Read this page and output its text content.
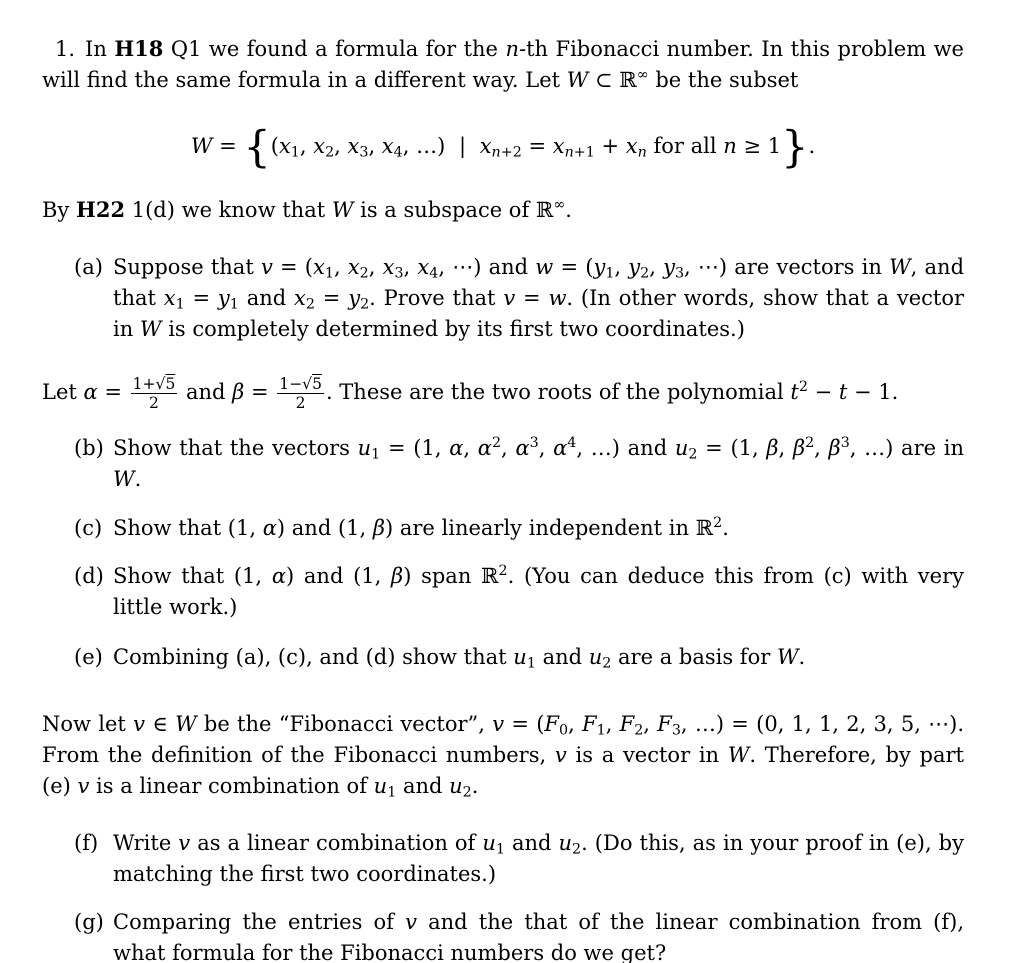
1. In H18 Q1 we found a formula for the n-th Fibonacci number. In this problem we will find the same formula in a different way. Let W ⊂ ℝ∞ be the subset

$W = \{(x_1$, $x_2$, $x_3$, $x_4$, …) | $x_{n+2} = x_{n+1} + x_n$ for all n ≥ 1}.

By H22 1(d) we know that W is a subspace of ℝ∞.

(a) Suppose that $v = (x_1$, $x_2$, $x_3$, $x_4$, ⋯) and $w = (y_1$, $y_2$, $y_3$, ⋯) are vectors in W, and that $x_1 = y_1$ and $x_2 = y_2$. Prove that v = w. (In other words, show that a vector in W is completely determined by its first two coordinates.)

Let $\alpha = \frac{1+√5}{2}$ and $\beta = \frac{1-√5}{2}$ . These are the two roots of the polynomial $t^2 - t - 1$.

(b) Show that the vectors $u_1 = (1$, α, $\alpha^2$, $\alpha^3$, $\alpha^4$, …) and $u_2 = (1$, β, $\beta^2$, $\beta^3$, …) are in W.
(c) Show that (1, α) and (1, β) are linearly independent in ℝ$^2$.
(d) Show that (1, α) and (1, β) span ℝ$^2$. (You can deduce this from (c) with very little work.)
(e) Combining (a), (c), and (d) show that $u_1$ and $u_2$ are a basis for W.

Now let v ∈ W be the “Fibonacci vector”, $v = (F_0$, $F_1$, $F_2$, $F_3$, …) = (0, 1, 1, 2, 3, 5, ⋯). From the definition of the Fibonacci numbers, v is a vector in W. Therefore, by part (e) v is a linear combination of $u_1$ and $u_2$.

(f) Write v as a linear combination of $u_1$ and $u_2$. (Do this, as in your proof in (e), by matching the first two coordinates.)
(g) Comparing the entries of v and the that of the linear combination from (f), what formula for the Fibonacci numbers do we get?
